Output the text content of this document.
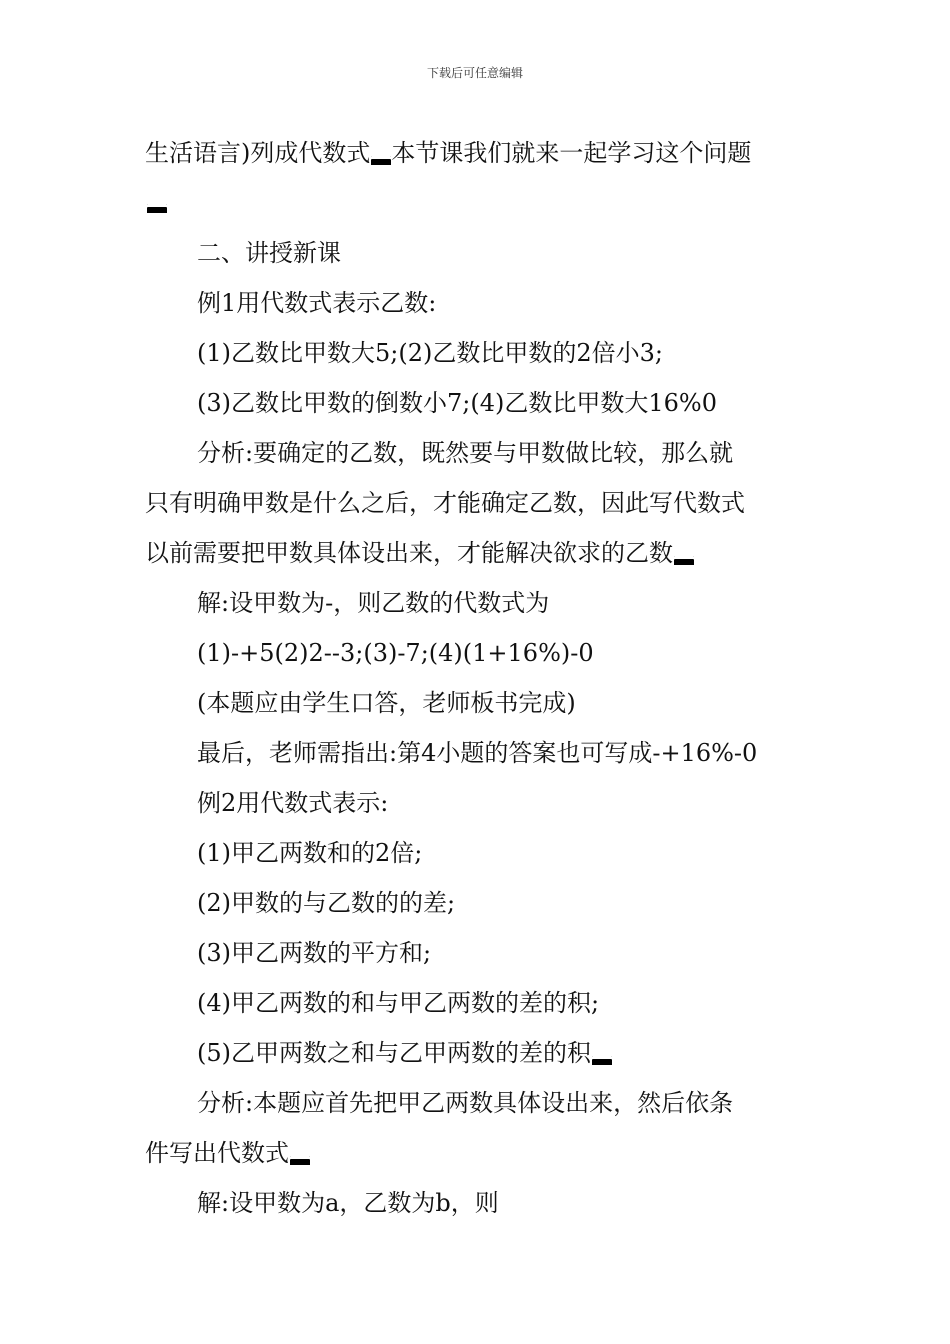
下载后可任意编辑
生活语言)列成代数式 本节课我们就来一起学习这个问题
二、讲授新课
例1用代数式表示乙数:
(1)乙数比甲数大5;(2)乙数比甲数的2倍小3;
(3)乙数比甲数的倒数小7;(4)乙数比甲数大16%0
分析:要确定的乙数，既然要与甲数做比较，那么就
只有明确甲数是什么之后，才能确定乙数，因此写代数式
以前需要把甲数具体设出来，才能解决欲求的乙数
解:设甲数为-，则乙数的代数式为
(1)-+5(2)2--3;(3)-7;(4)(1+16%)-0
(本题应由学生口答，老师板书完成)
最后，老师需指出:第4小题的答案也可写成-+16%-0
例2用代数式表示:
(1)甲乙两数和的2倍;
(2)甲数的与乙数的的差;
(3)甲乙两数的平方和;
(4)甲乙两数的和与甲乙两数的差的积;
(5)乙甲两数之和与乙甲两数的差的积
分析:本题应首先把甲乙两数具体设出来，然后依条
件写出代数式
解:设甲数为a，乙数为b，则
